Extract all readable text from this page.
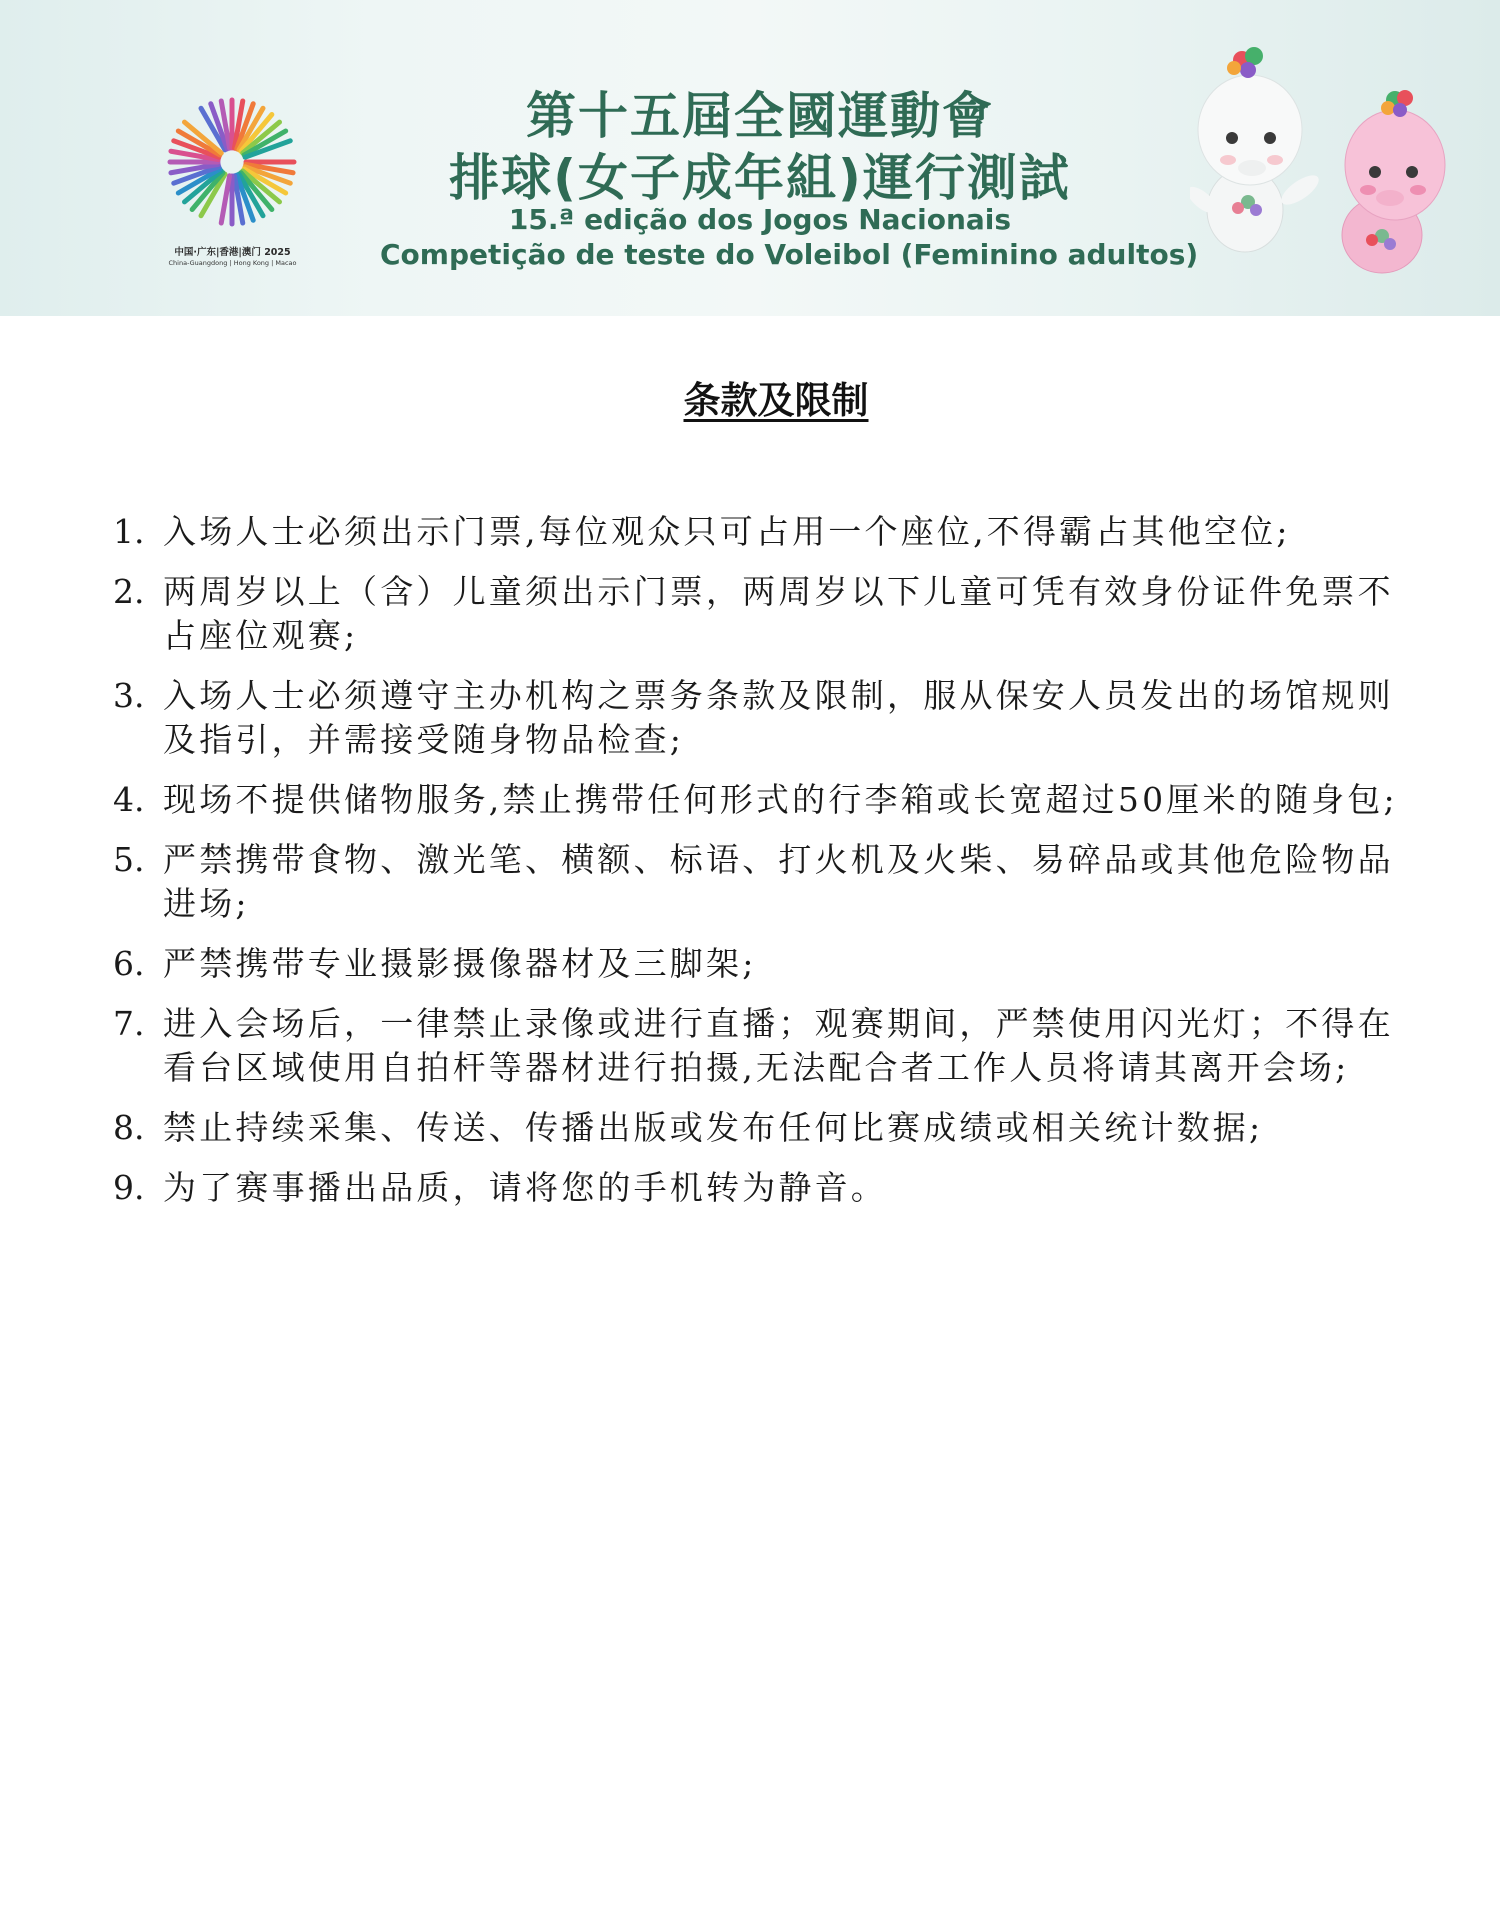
中国·广东|香港|澳门 2025
China-Guangdong | Hong Kong | Macao
第十五屆全國運動會
排球(女子成年組)運行測試
15.ª edição dos Jogos Nacionais
Competição de teste do Voleibol (Feminino adultos)
条款及限制
1. 入场人士必须出示门票,每位观众只可占用一个座位,不得霸占其他空位;
2. 两周岁以上（含）儿童须出示门票，两周岁以下儿童可凭有效身份证件免票不占座位观赛;
3. 入场人士必须遵守主办机构之票务条款及限制，服从保安人员发出的场馆规则及指引，并需接受随身物品检查;
4. 现场不提供储物服务,禁止携带任何形式的行李箱或长宽超过50厘米的随身包;
5. 严禁携带食物、激光笔、横额、标语、打火机及火柴、易碎品或其他危险物品进场;
6. 严禁携带专业摄影摄像器材及三脚架;
7. 进入会场后，一律禁止录像或进行直播；观赛期间，严禁使用闪光灯；不得在看台区域使用自拍杆等器材进行拍摄,无法配合者工作人员将请其离开会场;
8. 禁止持续采集、传送、传播出版或发布任何比赛成绩或相关统计数据;
9. 为了赛事播出品质，请将您的手机转为静音。
